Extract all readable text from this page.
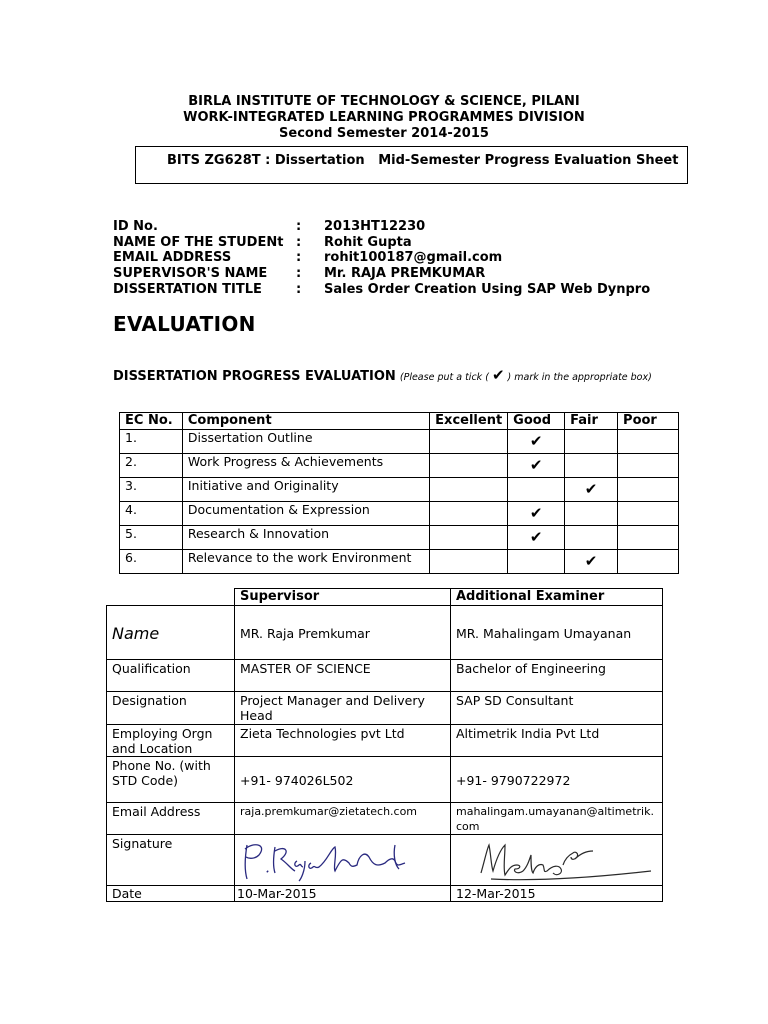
BIRLA INSTITUTE OF TECHNOLOGY & SCIENCE, PILANI
WORK-INTEGRATED LEARNING PROGRAMMES DIVISION
Second Semester 2014-2015
BITS ZG628T : Dissertation   Mid-Semester Progress Evaluation Sheet
ID No.	: 2013HT12230
NAME OF THE STUDENt : Rohit Gupta
EMAIL ADDRESS	: rohit100187@gmail.com
SUPERVISOR'S NAME : Mr. RAJA PREMKUMAR
DISSERTATION TITLE	: Sales Order Creation Using SAP Web Dynpro
EVALUATION
DISSERTATION PROGRESS EVALUATION (Please put a tick ( ✔ ) mark in the appropriate box)
EC No.	Component	Excellent	Good	Fair	Poor
1.	Dissertation Outline		✔		
2.	Work Progress & Achievements		✔		
3.	Initiative and Originality			✔	
4.	Documentation & Expression		✔		
5.	Research & Innovation		✔		
6.	Relevance to the work Environment			✔	
	Supervisor	Additional Examiner
Name	MR. Raja Premkumar	MR. Mahalingam Umayanan
Qualification	MASTER OF SCIENCE	Bachelor of Engineering
Designation	Project Manager and Delivery Head	SAP SD Consultant
Employing Orgn and Location	Zieta Technologies pvt Ltd	Altimetrik India Pvt Ltd
Phone No. (with STD Code)	+91- 974026L502	+91- 9790722972
Email Address	raja.premkumar@zietatech.com	mahalingam.umayanan@altimetrik.com
Signature	

Date	10-Mar-2015	12-Mar-2015
